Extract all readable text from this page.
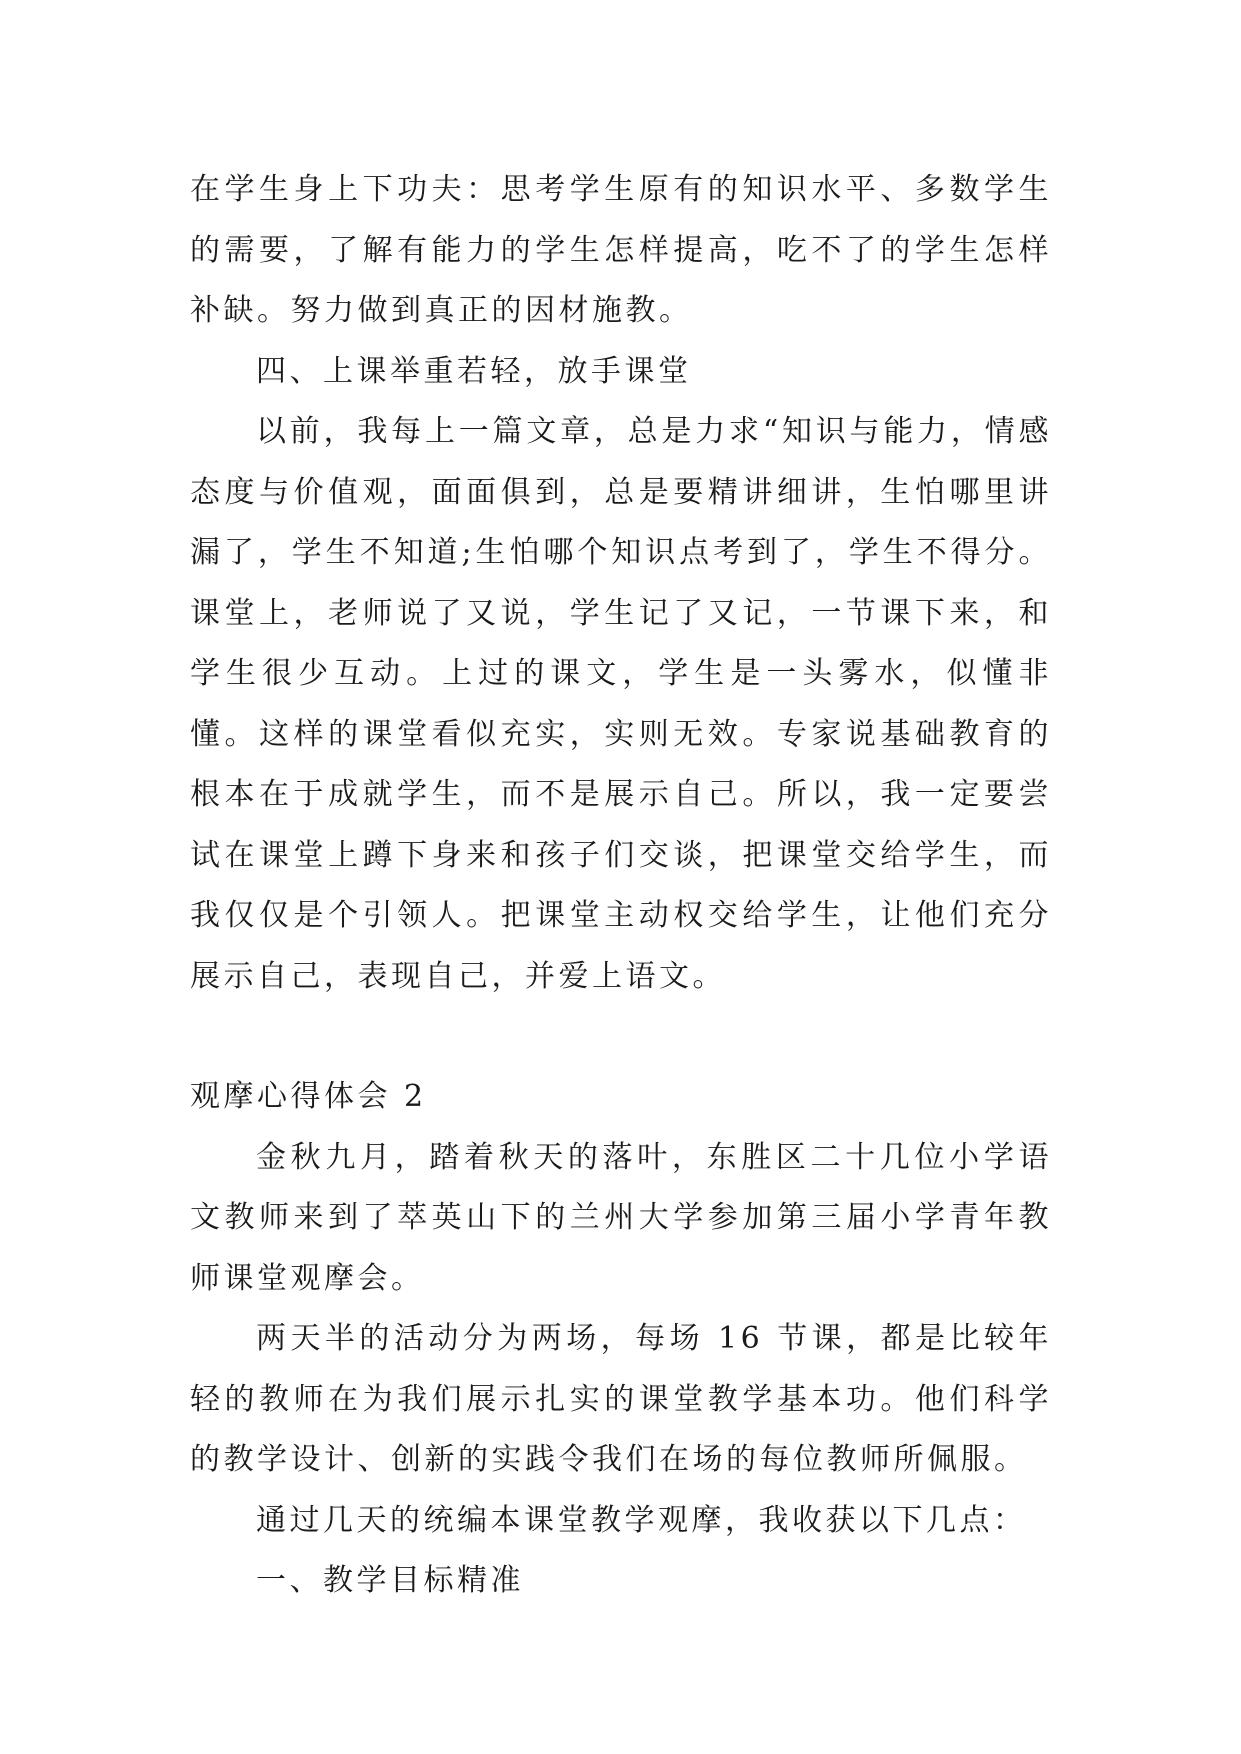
在学生身上下功夫：思考学生原有的知识水平、多数学生的需要，了解有能力的学生怎样提高，吃不了的学生怎样补缺。努力做到真正的因材施教。

四、上课举重若轻，放手课堂

以前，我每上一篇文章，总是力求“知识与能力，情感态度与价值观，面面俱到，总是要精讲细讲，生怕哪里讲漏了，学生不知道;生怕哪个知识点考到了，学生不得分。课堂上，老师说了又说，学生记了又记，一节课下来，和学生很少互动。上过的课文，学生是一头雾水，似懂非懂。这样的课堂看似充实，实则无效。专家说基础教育的根本在于成就学生，而不是展示自己。所以，我一定要尝试在课堂上蹲下身来和孩子们交谈，把课堂交给学生，而我仅仅是个引领人。把课堂主动权交给学生，让他们充分展示自己，表现自己，并爱上语文。

观摩心得体会 2

金秋九月，踏着秋天的落叶，东胜区二十几位小学语文教师来到了萃英山下的兰州大学参加第三届小学青年教师课堂观摩会。

两天半的活动分为两场，每场 16 节课，都是比较年轻的教师在为我们展示扎实的课堂教学基本功。他们科学的教学设计、创新的实践令我们在场的每位教师所佩服。

通过几天的统编本课堂教学观摩，我收获以下几点：

一、教学目标精准
